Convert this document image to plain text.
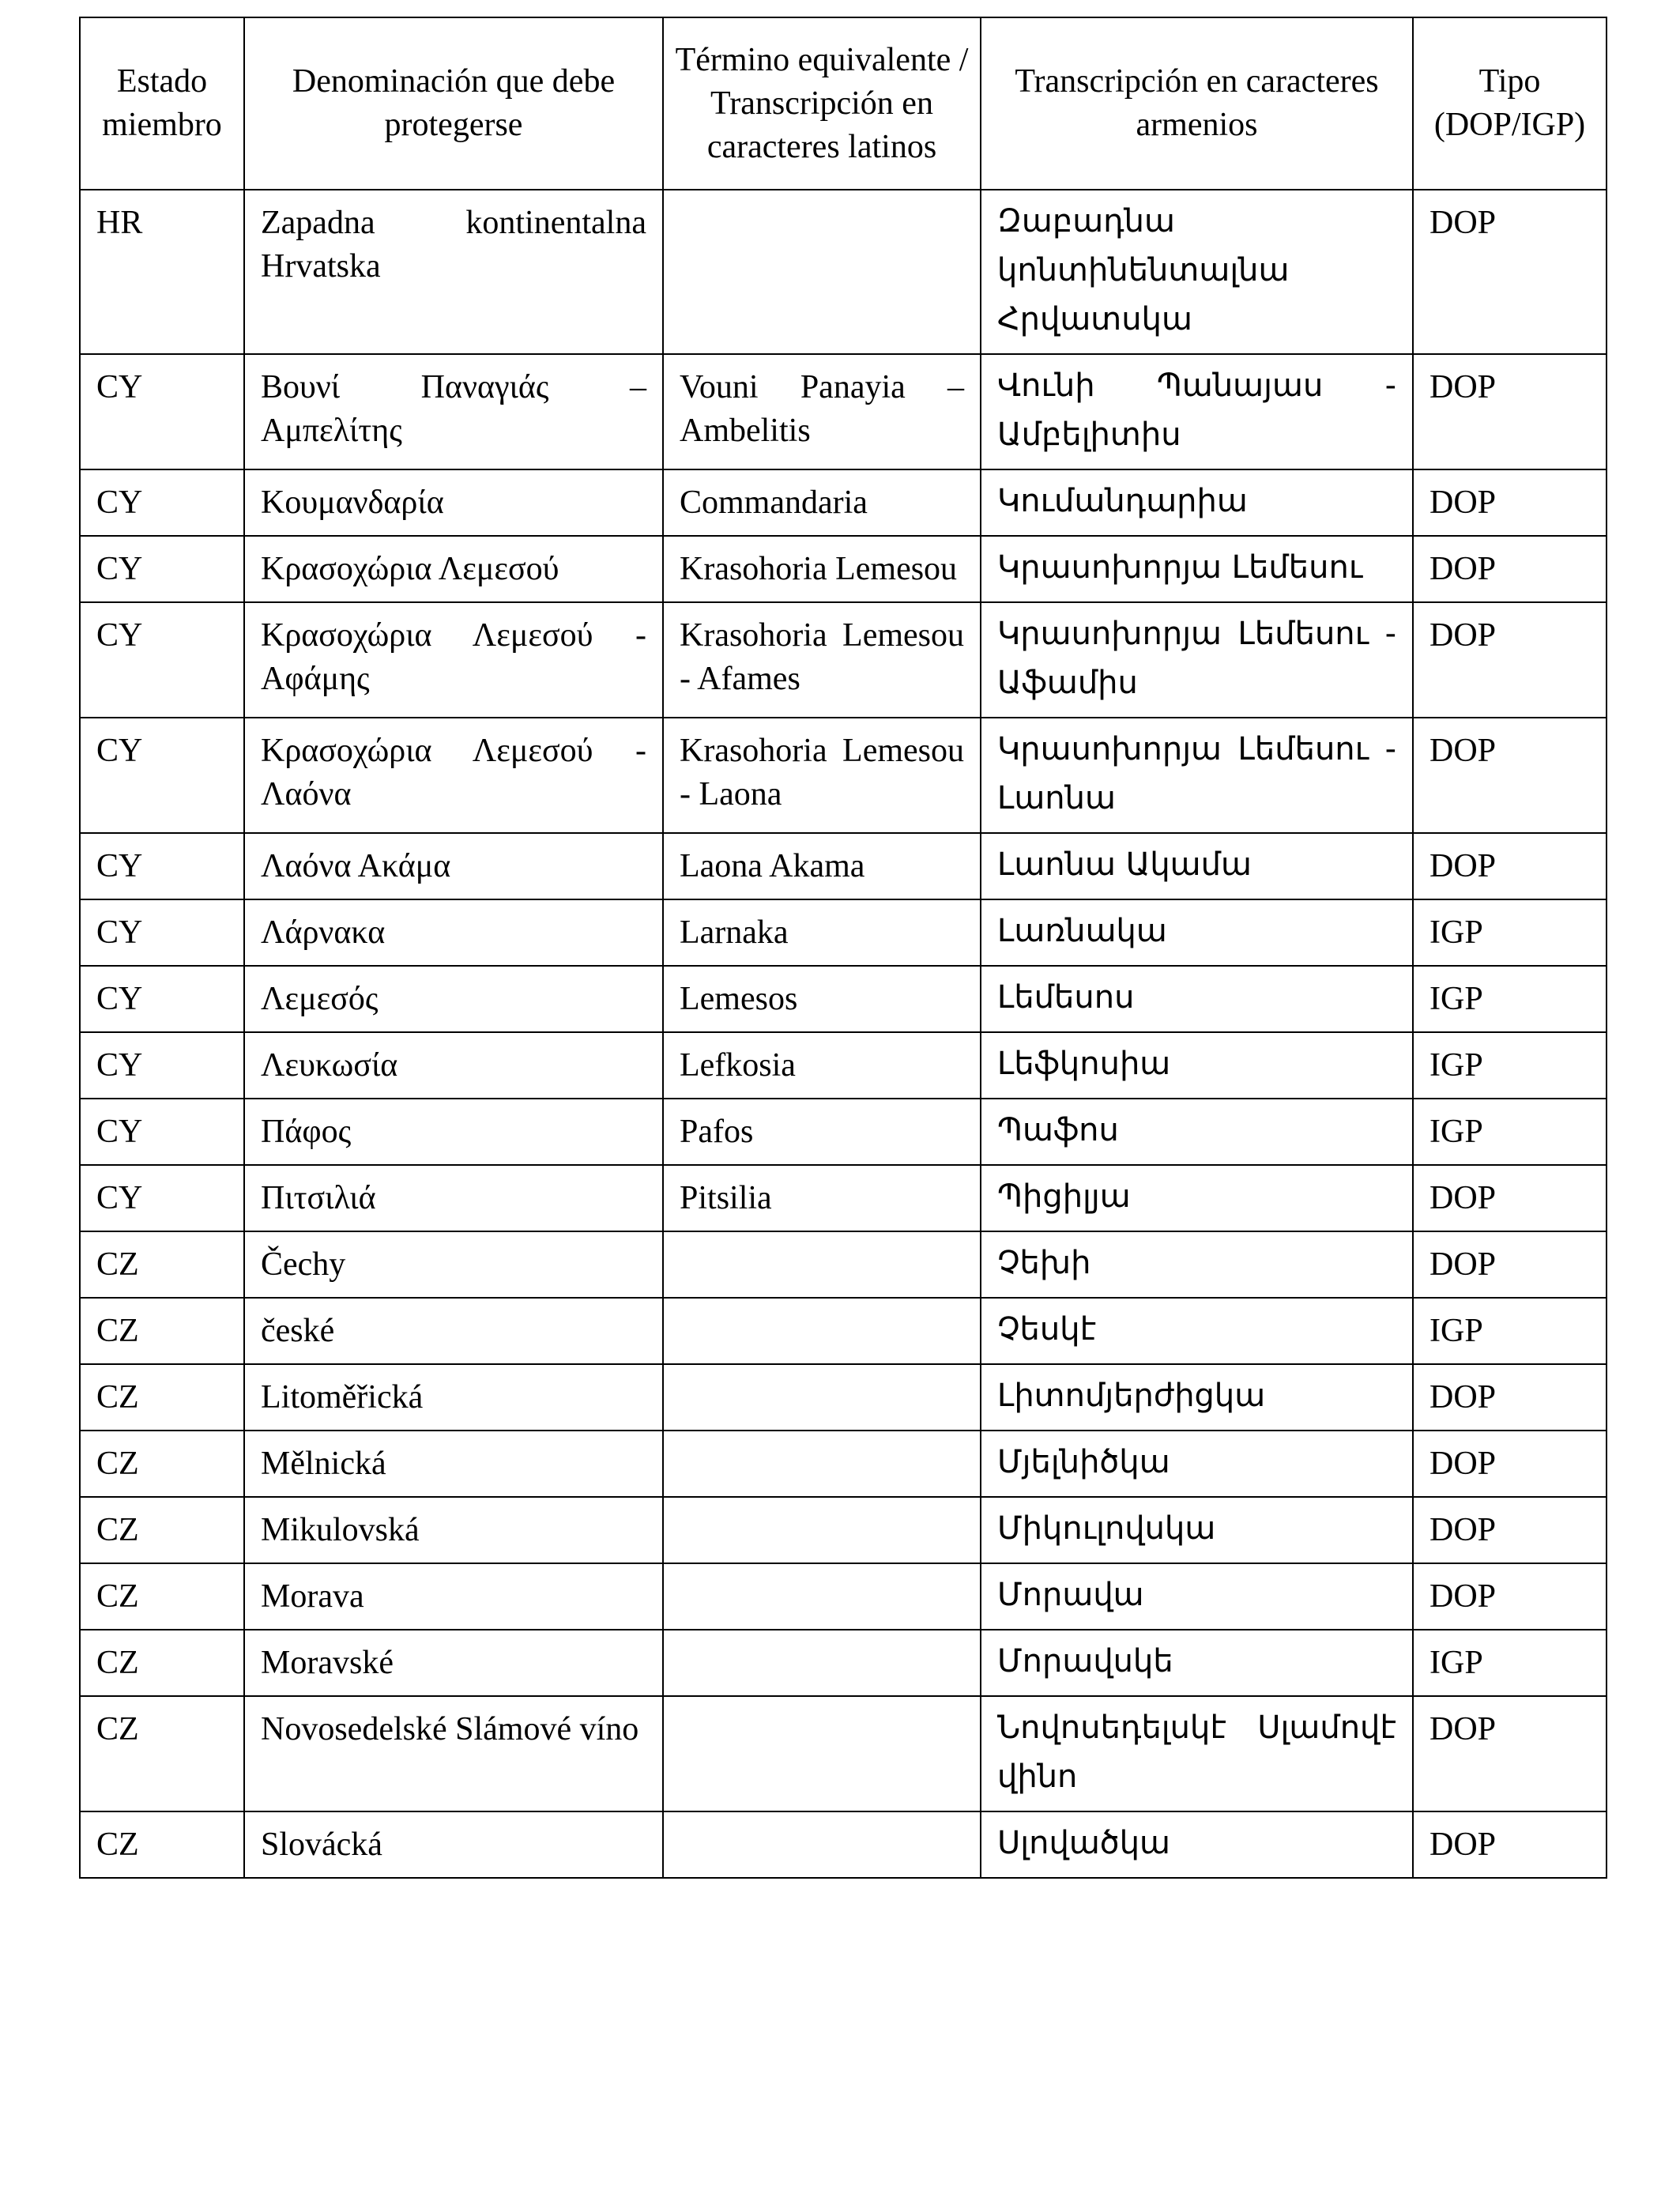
Estado miembro	Denominación que debe protegerse	Término equivalente / Transcripción en caracteres latinos	Transcripción en caracteres armenios	Tipo (DOP/IGP)
HR	Zapadna kontinentalna Hrvatska		Զաբադնա կոնտինենտալնա Հրվատսկա	DOP
CY	Βουνί Παναγιάς – Αμπελίτης	Vouni Panayia – Ambelitis	Վունի Պանայաս - Ամբելիտիս	DOP
CY	Κουμανδαρία	Commandaria	Կումանդարիա	DOP
CY	Κρασοχώρια Λεμεσού	Krasohoria Lemesou	Կրասոխորյա Լեմեսու	DOP
CY	Κρασοχώρια Λεμεσού - Αφάμης	Krasohoria Lemesou - Afames	Կրասոխորյա Լեմեսու - Աֆամիս	DOP
CY	Κρασοχώρια Λεμεσού - Λαόνα	Krasohoria Lemesou - Laona	Կրասոխորյա Լեմեսու - Լաոնա	DOP
CY	Λαόνα Ακάμα	Laona Akama	Լաոնա Ակամա	DOP
CY	Λάρνακα	Larnaka	Լառնակա	IGP
CY	Λεμεσός	Lemesos	Լեմեսոս	IGP
CY	Λευκωσία	Lefkosia	Լեֆկոսիա	IGP
CY	Πάφος	Pafos	Պաֆոս	IGP
CY	Πιτσιλιά	Pitsilia	Պիցիլյա	DOP
CZ	Čechy		Չեխի	DOP
CZ	české		Չեսկէ	IGP
CZ	Litoměřická		Լիտոմյերժիցկա	DOP
CZ	Mělnická		Մյելնիծկա	DOP
CZ	Mikulovská		Միկուլովսկա	DOP
CZ	Morava		Մորավա	DOP
CZ	Moravské		Մորավսկե	IGP
CZ	Novosedelské Slámové víno		Նովոսեդելսկէ Սլամովէ վինո	DOP
CZ	Slovácká		Սլովածկա	DOP
